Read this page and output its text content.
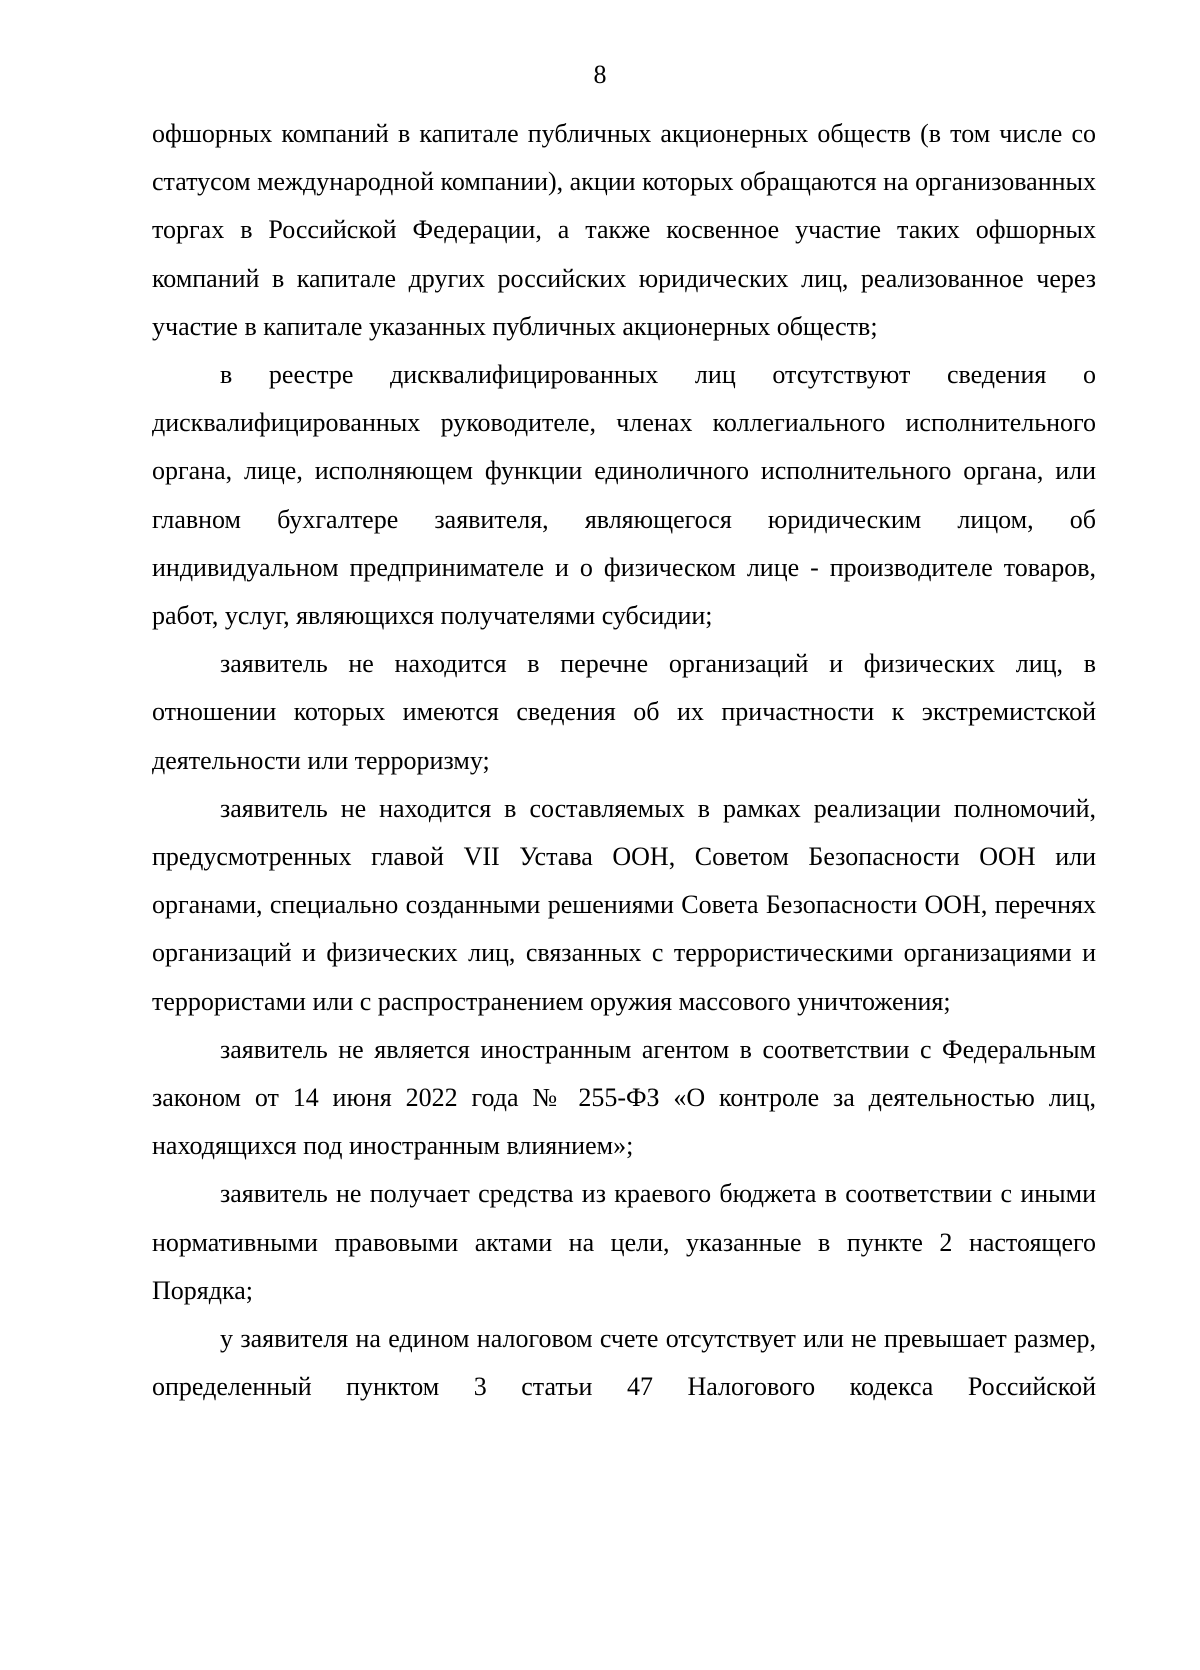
8

офшорных компаний в капитале публичных акционерных обществ (в том числе со статусом международной компании), акции которых обращаются на организованных торгах в Российской Федерации, а также косвенное участие таких офшорных компаний в капитале других российских юридических лиц, реализованное через участие в капитале указанных публичных акционерных обществ;

в реестре дисквалифицированных лиц отсутствуют сведения о дисквалифицированных руководителе, членах коллегиального исполнительного органа, лице, исполняющем функции единоличного исполнительного органа, или главном бухгалтере заявителя, являющегося юридическим лицом, об индивидуальном предпринимателе и о физическом лице - производителе товаров, работ, услуг, являющихся получателями субсидии;

заявитель не находится в перечне организаций и физических лиц, в отношении которых имеются сведения об их причастности к экстремистской деятельности или терроризму;

заявитель не находится в составляемых в рамках реализации полномочий, предусмотренных главой VII Устава ООН, Советом Безопасности ООН или органами, специально созданными решениями Совета Безопасности ООН, перечнях организаций и физических лиц, связанных с террористическими организациями и террористами или с распространением оружия массового уничтожения;

заявитель не является иностранным агентом в соответствии с Федеральным законом от 14 июня 2022 года № 255-ФЗ «О контроле за деятельностью лиц, находящихся под иностранным влиянием»;

заявитель не получает средства из краевого бюджета в соответствии с иными нормативными правовыми актами на цели, указанные в пункте 2 настоящего Порядка;

у заявителя на едином налоговом счете отсутствует или не превышает размер, определенный пунктом 3 статьи 47 Налогового кодекса Российской
